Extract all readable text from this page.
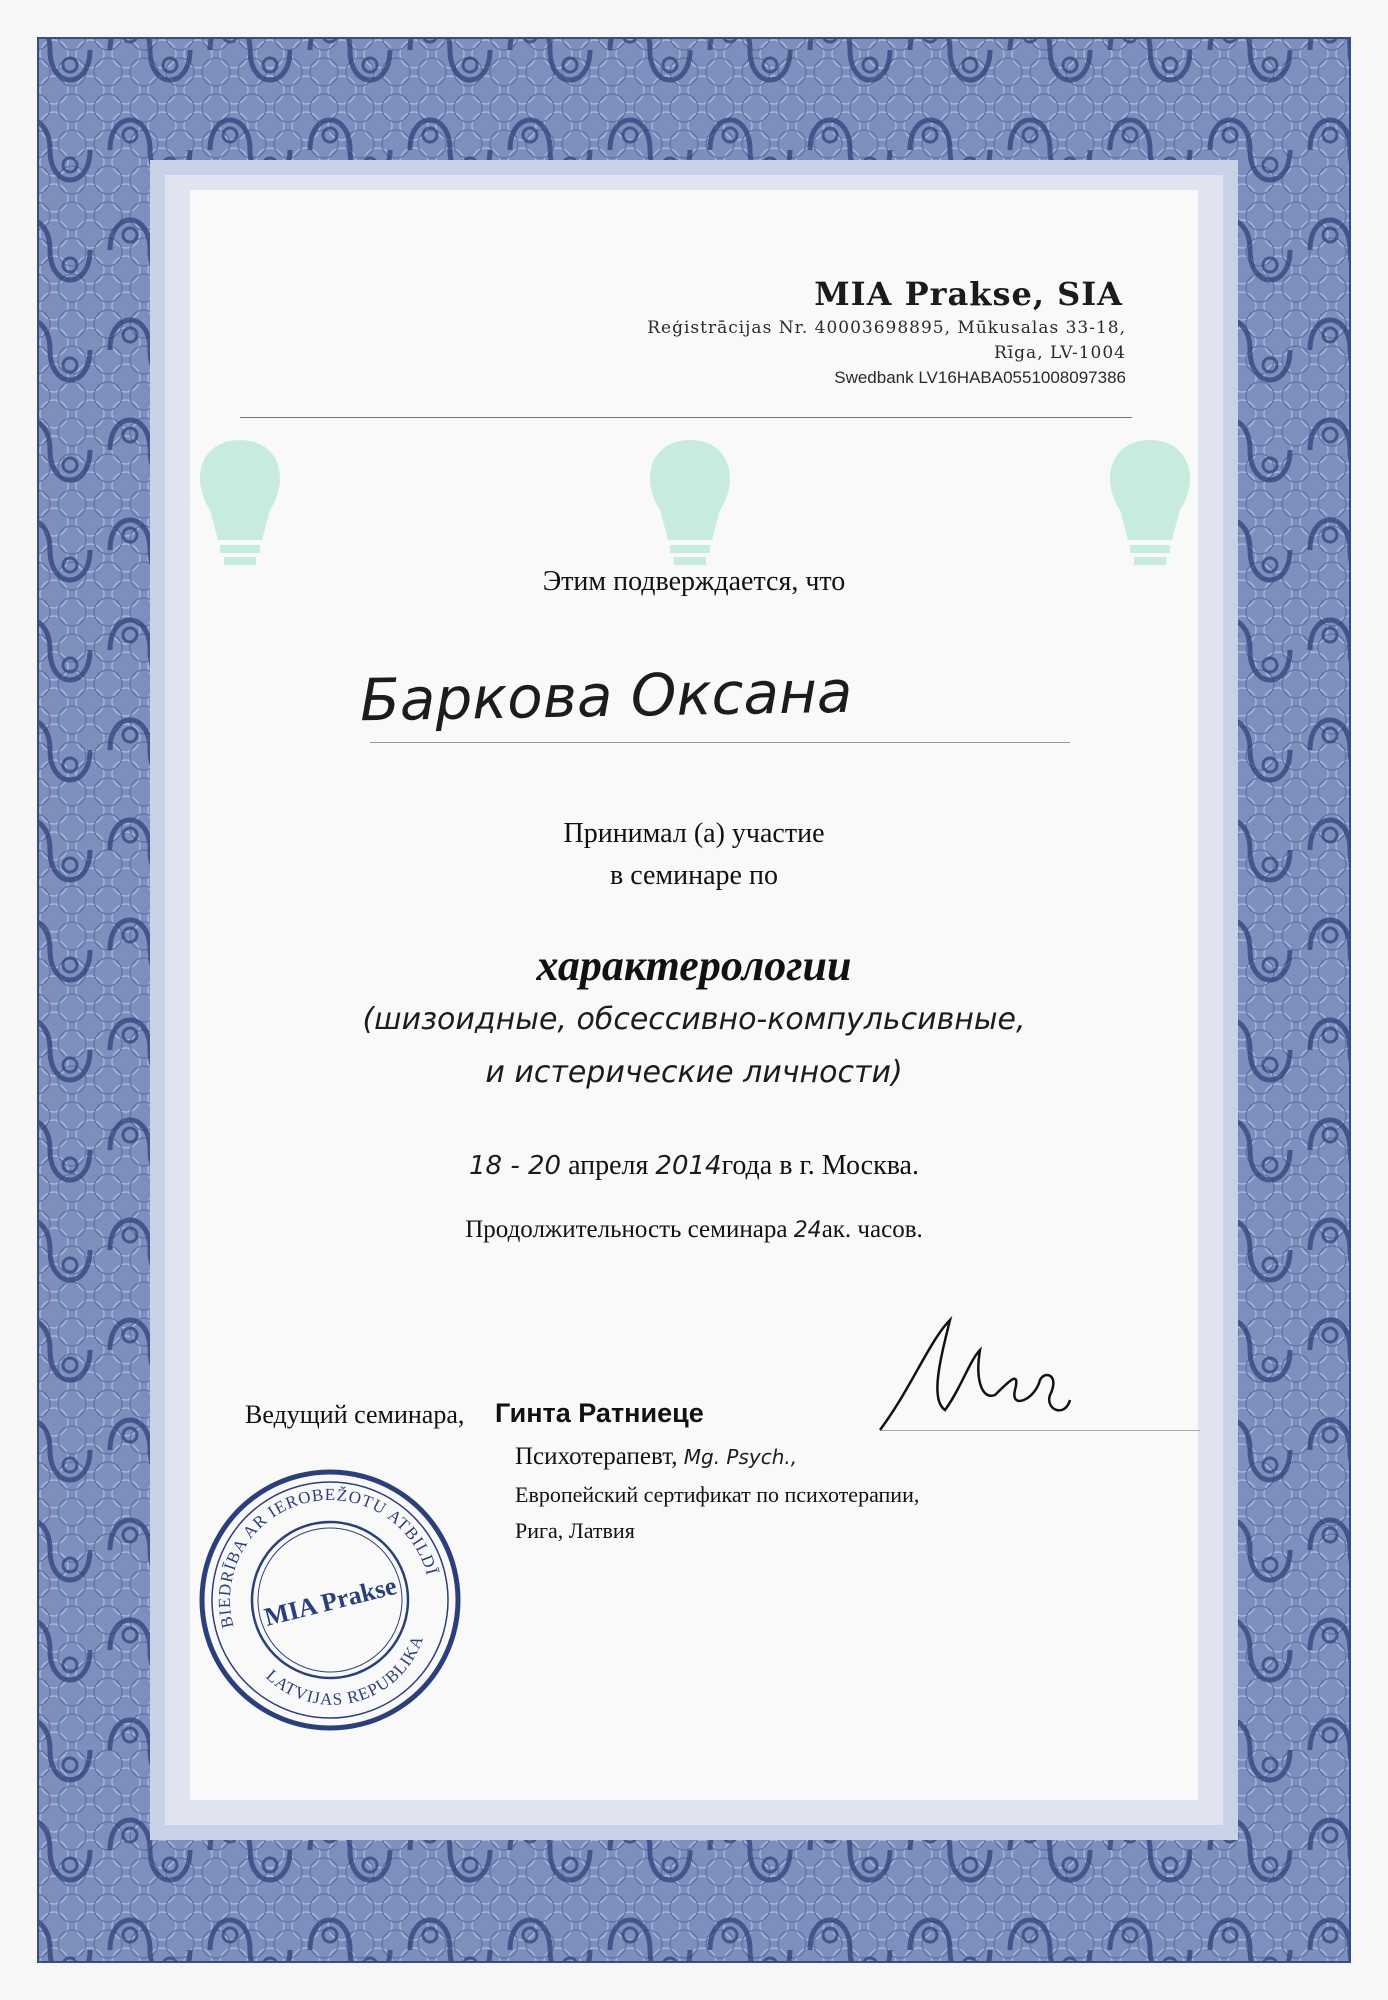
MIA Prakse, SIA
Reģistrācijas Nr. 40003698895, Mūkusalas 33-18,
Rīga, LV-1004
Swedbank LV16HABA0551008097386
Этим подверждается, что
Баркова Оксана
Принимал (а) участие
в семинаре по
характерологии
(шизоидные, обсессивно-компульсивные,
и истерические личности)
18 - 20 апреля 2014года в г. Москва.
Продолжительность семинара 24ак. часов.
Ведущий семинара, Гинта Ратниеце
Психотерапевт, Mg. Psych.,
Европейский сертификат по психотерапии,
Рига, Латвия
SABIEDRĪBA AR IEROBEŽOTU ATBILDĪBU
LATVIJAS REPUBLIKA
MIA Prakse
